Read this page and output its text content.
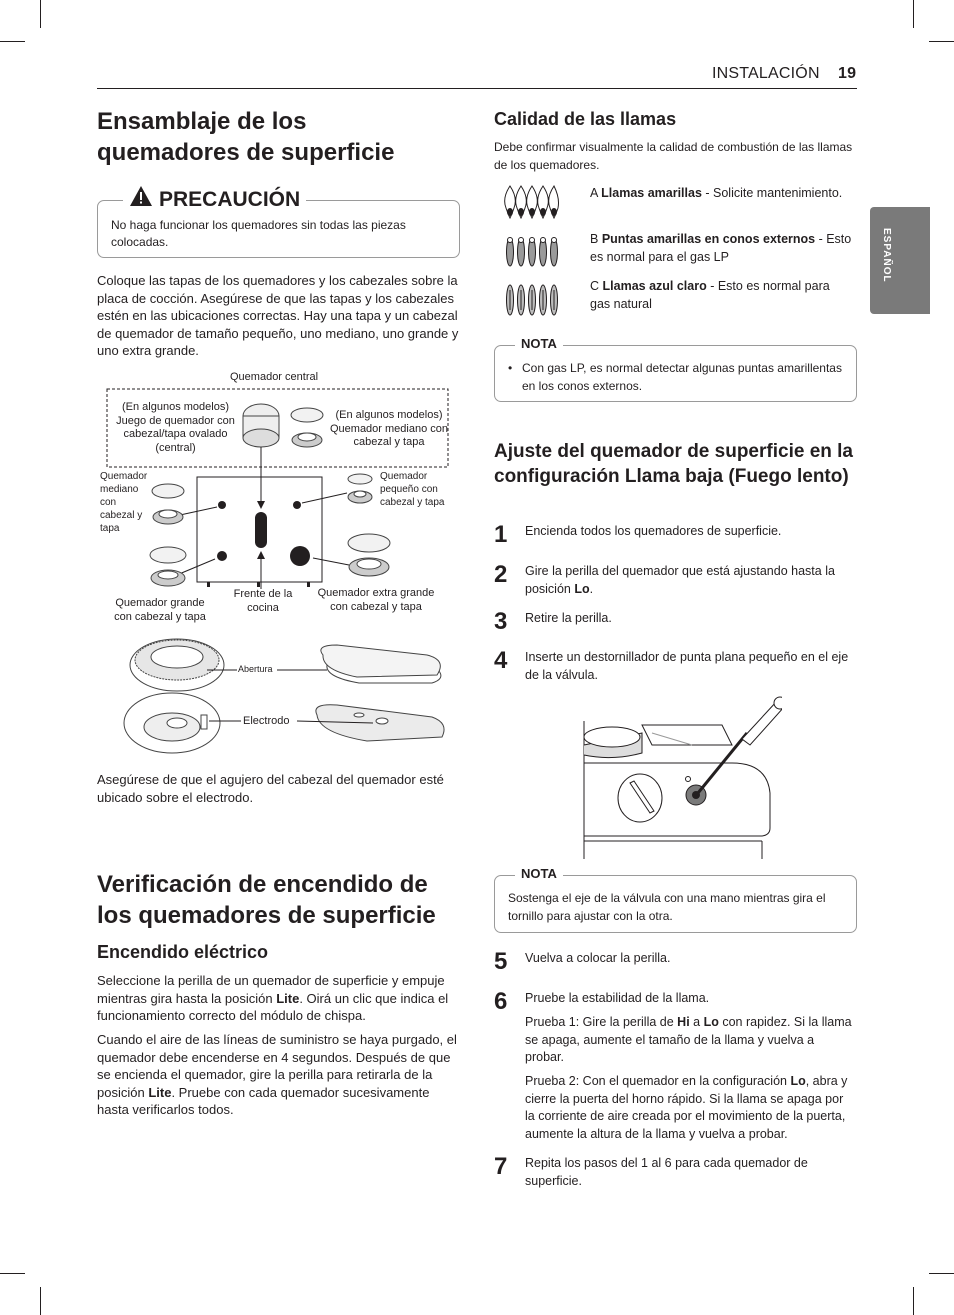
INSTALACIÓN 19
ESPAÑOL
Ensamblaje de los quemadores de superficie
PRECAUCIÓN
No haga funcionar los quemadores sin todas las piezas colocadas.
Coloque las tapas de los quemadores y los cabezales sobre la placa de cocción. Asegúrese de que las tapas y los cabezales estén en las ubicaciones correctas. Hay una tapa y un cabezal de quemador de tamaño pequeño, uno mediano, uno grande y uno extra grande.
Quemador central
(En algunos modelos) Juego de quemador con cabezal/tapa ovalado (central)
(En algunos modelos) Quemador mediano con cabezal y tapa
Quemador mediano con cabezal y tapa
Quemador pequeño con cabezal y tapa
Quemador grande con cabezal y tapa
Frente de la cocina
Quemador extra grande con cabezal y tapa
Abertura
Electrodo
Asegúrese de que el agujero del cabezal del quemador esté ubicado sobre el electrodo.
Verificación de encendido de los quemadores de superficie
Encendido eléctrico
Seleccione la perilla de un quemador de superficie y empuje mientras gira hasta la posición Lite. Oirá un clic que indica el funcionamiento correcto del módulo de chispa.
Cuando el aire de las líneas de suministro se haya purgado, el quemador debe encenderse en 4 segundos. Después de que se encienda el quemador, gire la perilla para retirarla de la posición Lite. Pruebe con cada quemador sucesivamente hasta verificarlos todos.
Calidad de las llamas
Debe confirmar visualmente la calidad de combustión de las llamas de los quemadores.
A Llamas amarillas - Solicite mantenimiento.
B Puntas amarillas en conos externos - Esto es normal para el gas LP
C Llamas azul claro - Esto es normal para gas natural
NOTA
• Con gas LP, es normal detectar algunas puntas amarillentas en los conos externos.
Ajuste del quemador de superficie en la configuración Llama baja (Fuego lento)
1	Encienda todos los quemadores de superficie.
2	Gire la perilla del quemador que está ajustando hasta la posición Lo.
3	Retire la perilla.
4	Inserte un destornillador de punta plana pequeño en el eje de la válvula.
NOTA
Sostenga el eje de la válvula con una mano mientras gira el tornillo para ajustar con la otra.
5	Vuelva a colocar la perilla.
6	Pruebe la estabilidad de la llama.
Prueba 1: Gire la perilla de Hi a Lo con rapidez. Si la llama se apaga, aumente el tamaño de la llama y vuelva a probar.
Prueba 2: Con el quemador en la configuración Lo, abra y cierre la puerta del horno rápido. Si la llama se apaga por la corriente de aire creada por el movimiento de la puerta, aumente la altura de la llama y vuelva a probar.
7	Repita los pasos del 1 al 6 para cada quemador de superficie.
